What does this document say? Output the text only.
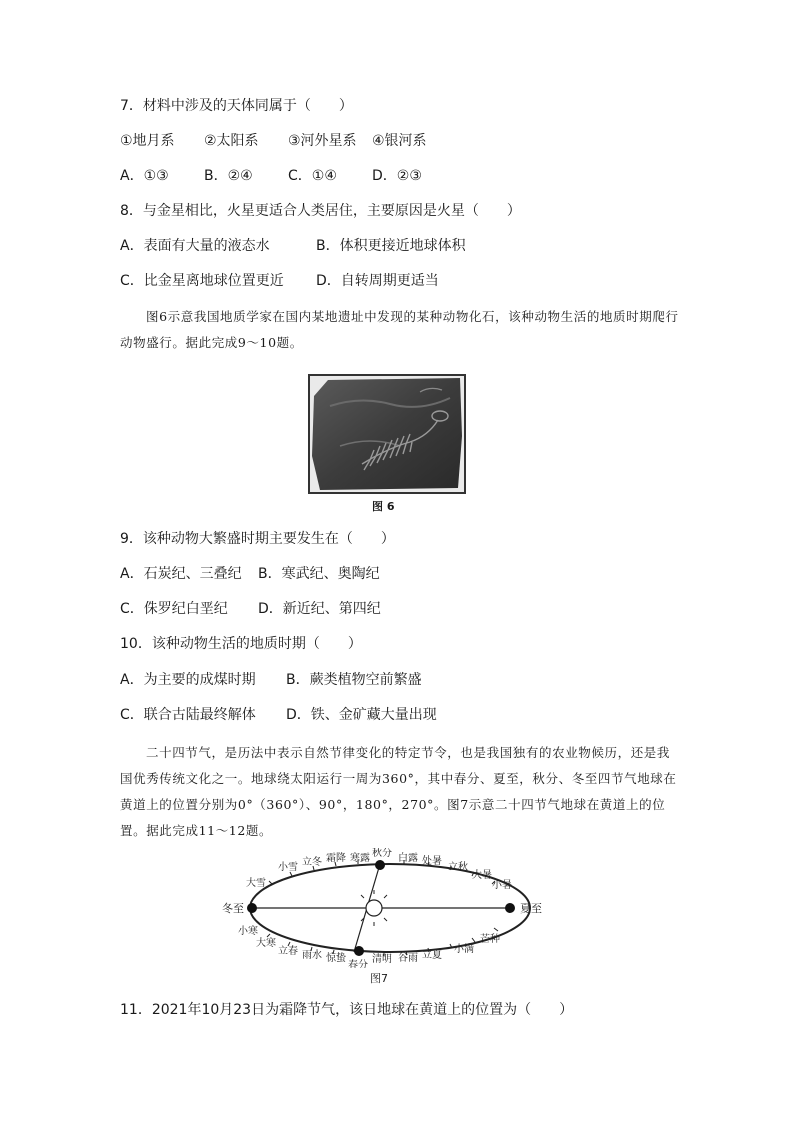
7．材料中涉及的天体同属于（　　）
①地月系 ②太阳系 ③河外星系 ④银河系
A．①③	B．②④	C．①④	D．②③
8．与金星相比，火星更适合人类居住，主要原因是火星（　　）
A．表面有大量的液态水	B．体积更接近地球体积
C．比金星离地球位置更近 D．自转周期更适当
图6示意我国地质学家在国内某地遗址中发现的某种动物化石，该种动物生活的地质时期爬行动物盛行。据此完成9～10题。
图 6
9．该种动物大繁盛时期主要发生在（　　）
A．石炭纪、三叠纪 B．寒武纪、奥陶纪
C．侏罗纪白垩纪 D．新近纪、第四纪
10．该种动物生活的地质时期（　　）
A．为主要的成煤时期 B．蕨类植物空前繁盛
C．联合古陆最终解体 D．铁、金矿藏大量出现
二十四节气，是历法中表示自然节律变化的特定节令，也是我国独有的农业物候历，还是我国优秀传统文化之一。地球绕太阳运行一周为360°，其中春分、夏至，秋分、冬至四节气地球在黄道上的位置分别为0°（360°）、90°，180°，270°。图7示意二十四节气地球在黄道上的位置。据此完成11～12题。
冬至	夏至
大雪
小雪 立冬 霜降 寒露 秋分 白露 处暑
立秋
大暑
小暑
小寒
大寒
立春 雨水 惊蛰
春分
清明 谷雨 立夏
小满
芒种
图7
11．2021年10月23日为霜降节气，该日地球在黄道上的位置为（　　）
